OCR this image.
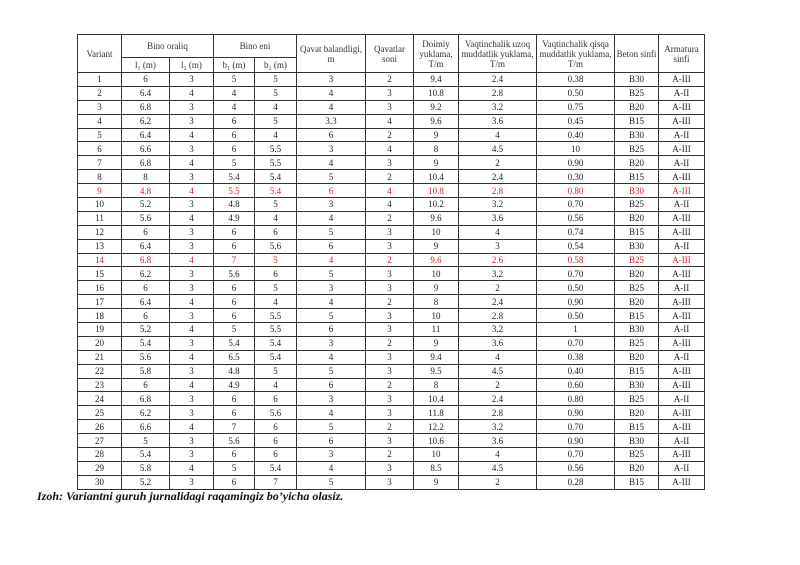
Variant	Bino oraliq		Bino eni		Qavat balandligi, m	Qavatlar soni	Doimiy yuklama, T/m	Vaqtinchalik uzoq muddatlik yuklama, T/m	Vaqtinchalik qisqa muddatlik yuklama, T/m	Beton sinfi	Armatura sinfi
	l₁ (m)	l₂ (m)	b₁ (m)	b₂ (m)							
1	6	3	5	5	3	2	9.4	2.4	0.38	B30	A-III
2	6.4	4	4	5	4	3	10.8	2.8	0.50	B25	A-II
3	6.8	3	4	4	4	3	9.2	3.2	0.75	B20	A-III
4	6.2	3	6	5	3.3	4	9.6	3.6	0.45	B15	A-III
5	6.4	4	6	4	6	2	9	4	0.40	B30	A-II
6	6.6	3	6	5.5	3	4	8	4.5	10	B25	A-III
7	6.8	4	5	5.5	4	3	9	2	0.90	B20	A-II
8	8	3	5.4	5.4	5	2	10.4	2.4	0.30	B15	A-III
9	4.8	4	5.5	5.4	6	4	10.8	2.8	0.80	B30	A-III
10	5.2	3	4.8	5	3	4	10.2	3.2	0.70	B25	A-II
11	5.6	4	4.9	4	4	2	9.6	3.6	0.56	B20	A-III
12	6	3	6	6	5	3	10	4	0.74	B15	A-III
13	6.4	3	6	5.6	6	3	9	3	0.54	B30	A-II
14	6.8	4	7	5	4	2	9.6	2.6	0.58	B25	A-III
15	6.2	3	5.6	6	5	3	10	3.2	0.70	B20	A-III
16	6	3	6	5	3	3	9	2	0.50	B25	A-II
17	6.4	4	6	4	4	2	8	2.4	0.90	B20	A-III
18	6	3	6	5.5	5	3	10	2.8	0.50	B15	A-III
19	5.2	4	5	5.5	6	3	11	3.2	1	B30	A-II
20	5.4	3	5.4	5.4	3	2	9	3.6	0.70	B25	A-III
21	5.6	4	6.5	5.4	4	3	9.4	4	0.38	B20	A-II
22	5.8	3	4.8	5	5	3	9.5	4.5	0.40	B15	A-III
23	6	4	4.9	4	6	2	8	2	0.60	B30	A-III
24	6.8	3	6	6	3	3	10.4	2.4	0.80	B25	A-II
25	6.2	3	6	5.6	4	3	11.8	2.8	0.90	B20	A-III
26	6.6	4	7	6	5	2	12.2	3.2	0.70	B15	A-III
27	5	3	5.6	6	6	3	10.6	3.6	0.90	B30	A-II
28	5.4	3	6	6	3	2	10	4	0.70	B25	A-III
29	5.8	4	5	5.4	4	3	8.5	4.5	0.56	B20	A-II
30	5.2	3	6	7	5	3	9	2	0.28	B15	A-III
Izoh: Variantni guruh jurnalidagi raqamingiz bo’yicha olasiz.
